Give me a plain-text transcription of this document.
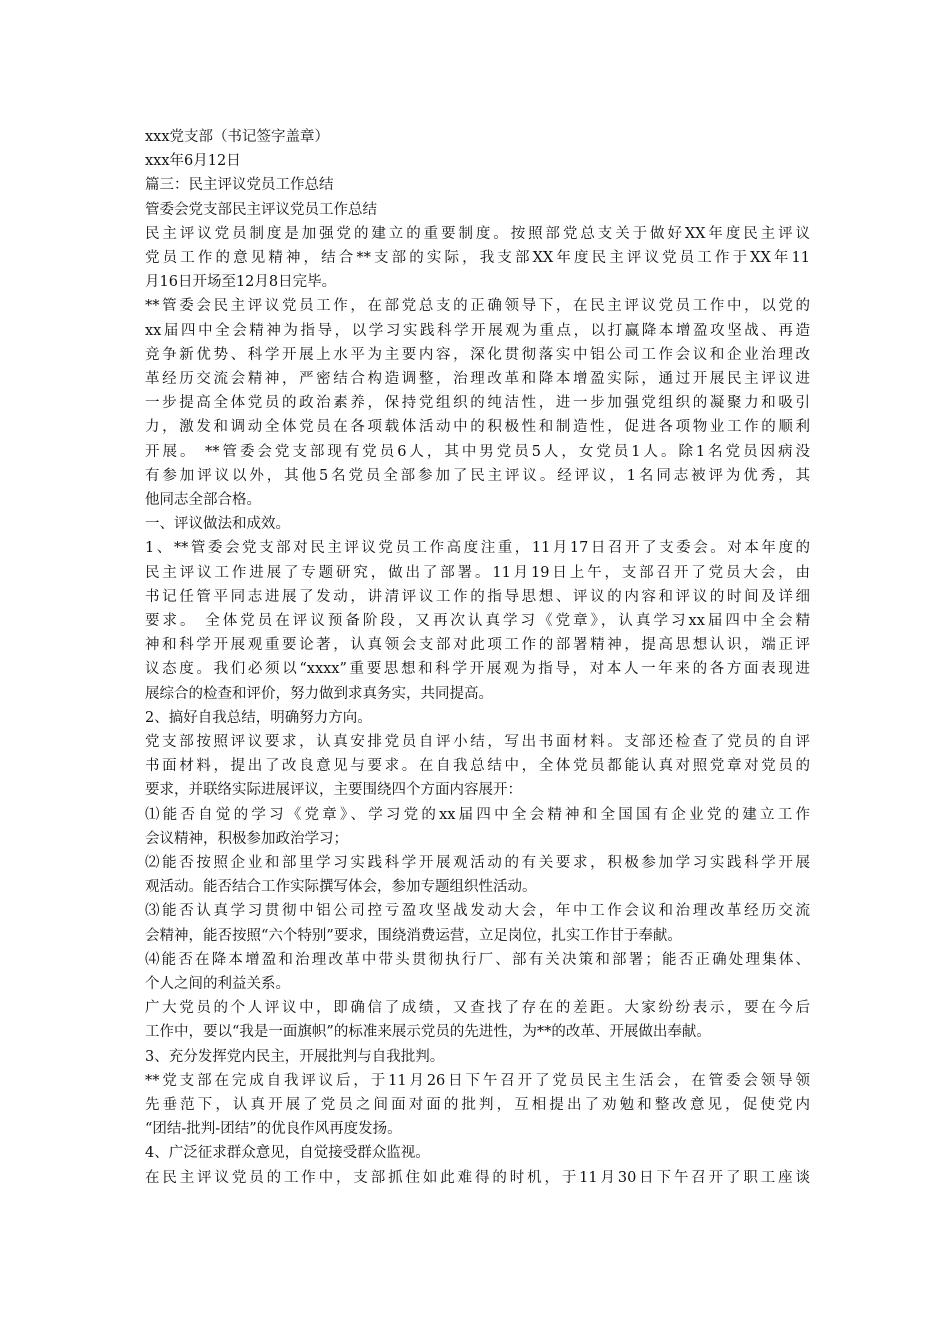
xxx党支部（书记签字盖章）
xxx年6月12日
篇三：民主评议党员工作总结
管委会党支部民主评议党员工作总结
民主评议党员制度是加强党的建立的重要制度。按照部党总支关于做好XX年度民主评议
党员工作的意见精神，结合**支部的实际，我支部XX年度民主评议党员工作于XX年11
月16日开场至12月8日完毕。
**管委会民主评议党员工作，在部党总支的正确领导下，在民主评议党员工作中，以党的
xx届四中全会精神为指导，以学习实践科学开展观为重点，以打赢降本增盈攻坚战、再造
竞争新优势、科学开展上水平为主要内容，深化贯彻落实中铝公司工作会议和企业治理改
革经历交流会精神，严密结合构造调整，治理改革和降本增盈实际，通过开展民主评议进
一步提高全体党员的政治素养，保持党组织的纯洁性，进一步加强党组织的凝聚力和吸引
力，激发和调动全体党员在各项载体活动中的积极性和制造性，促进各项物业工作的顺利
开展。 **管委会党支部现有党员6人，其中男党员5人，女党员1人。除1名党员因病没
有参加评议以外，其他5名党员全部参加了民主评议。经评议，1名同志被评为优秀，其
他同志全部合格。
一、评议做法和成效。
1、**管委会党支部对民主评议党员工作高度注重，11月17日召开了支委会。对本年度的
民主评议工作进展了专题研究，做出了部署。11月19日上午，支部召开了党员大会，由
书记任管平同志进展了发动，讲清评议工作的指导思想、评议的内容和评议的时间及详细
要求。 全体党员在评议预备阶段，又再次认真学习《党章》，认真学习xx届四中全会精
神和科学开展观重要论著，认真领会支部对此项工作的部署精神，提高思想认识，端正评
议态度。我们必须以“xxxx”重要思想和科学开展观为指导，对本人一年来的各方面表现进
展综合的检查和评价，努力做到求真务实，共同提高。
2、搞好自我总结，明确努力方向。
党支部按照评议要求，认真安排党员自评小结，写出书面材料。支部还检查了党员的自评
书面材料，提出了改良意见与要求。在自我总结中，全体党员都能认真对照党章对党员的
要求，并联络实际进展评议，主要围绕四个方面内容展开：
⑴能否自觉的学习《党章》、学习党的xx届四中全会精神和全国国有企业党的建立工作
会议精神，积极参加政治学习；
⑵能否按照企业和部里学习实践科学开展观活动的有关要求，积极参加学习实践科学开展
观活动。能否结合工作实际撰写体会，参加专题组织性活动。
⑶能否认真学习贯彻中铝公司控亏盈攻坚战发动大会，年中工作会议和治理改革经历交流
会精神，能否按照“六个特别”要求，围绕消费运营，立足岗位，扎实工作甘于奉献。
⑷能否在降本增盈和治理改革中带头贯彻执行厂、部有关决策和部署；能否正确处理集体、
个人之间的利益关系。
广大党员的个人评议中，即确信了成绩，又查找了存在的差距。大家纷纷表示，要在今后
工作中，要以“我是一面旗帜”的标准来展示党员的先进性，为**的改革、开展做出奉献。
3、充分发挥党内民主，开展批判与自我批判。
**党支部在完成自我评议后，于11月26日下午召开了党员民主生活会，在管委会领导领
先垂范下，认真开展了党员之间面对面的批判，互相提出了劝勉和整改意见，促使党内
“团结-批判-团结”的优良作风再度发扬。
4、广泛征求群众意见，自觉接受群众监视。
在民主评议党员的工作中，支部抓住如此难得的时机，于11月30日下午召开了职工座谈
